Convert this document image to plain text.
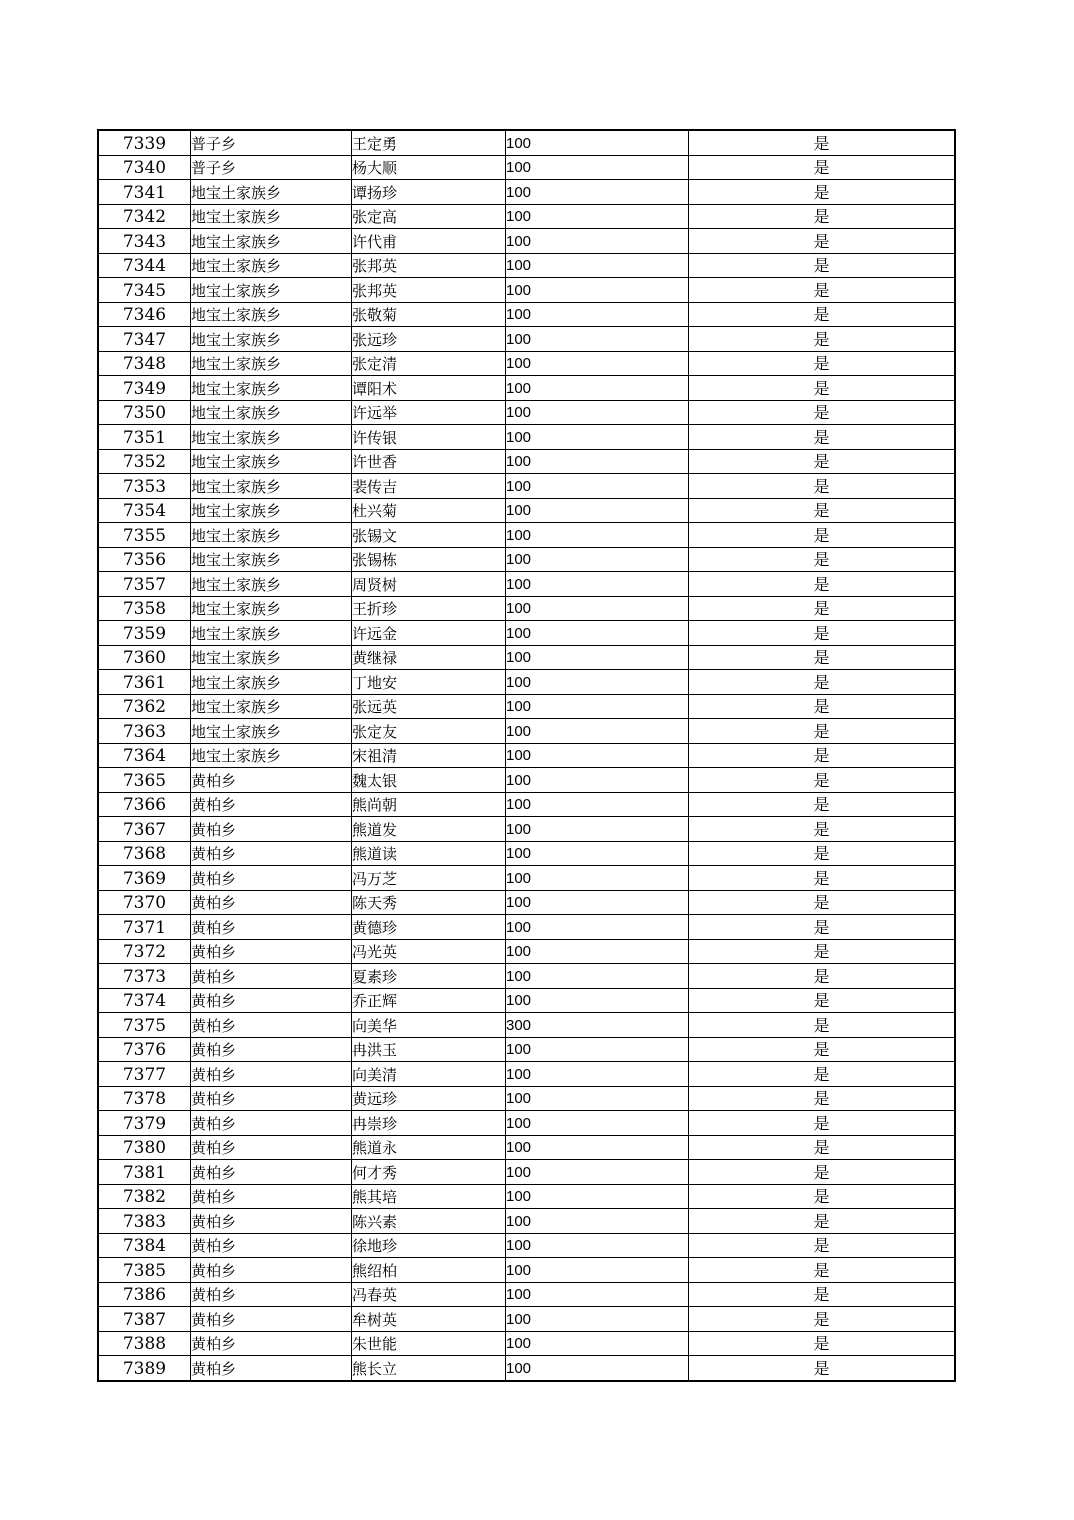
7339	普子乡	王定勇	100	是
7340	普子乡	杨大顺	100	是
7341	地宝土家族乡	谭扬珍	100	是
7342	地宝土家族乡	张定高	100	是
7343	地宝土家族乡	许代甫	100	是
7344	地宝土家族乡	张邦英	100	是
7345	地宝土家族乡	张邦英	100	是
7346	地宝土家族乡	张敬菊	100	是
7347	地宝土家族乡	张远珍	100	是
7348	地宝土家族乡	张定清	100	是
7349	地宝土家族乡	谭阳术	100	是
7350	地宝土家族乡	许远举	100	是
7351	地宝土家族乡	许传银	100	是
7352	地宝土家族乡	许世香	100	是
7353	地宝土家族乡	裴传吉	100	是
7354	地宝土家族乡	杜兴菊	100	是
7355	地宝土家族乡	张锡文	100	是
7356	地宝土家族乡	张锡栋	100	是
7357	地宝土家族乡	周贤树	100	是
7358	地宝土家族乡	王折珍	100	是
7359	地宝土家族乡	许远金	100	是
7360	地宝土家族乡	黄继禄	100	是
7361	地宝土家族乡	丁地安	100	是
7362	地宝土家族乡	张远英	100	是
7363	地宝土家族乡	张定友	100	是
7364	地宝土家族乡	宋祖清	100	是
7365	黄柏乡	魏太银	100	是
7366	黄柏乡	熊尚朝	100	是
7367	黄柏乡	熊道发	100	是
7368	黄柏乡	熊道读	100	是
7369	黄柏乡	冯万芝	100	是
7370	黄柏乡	陈天秀	100	是
7371	黄柏乡	黄德珍	100	是
7372	黄柏乡	冯光英	100	是
7373	黄柏乡	夏素珍	100	是
7374	黄柏乡	乔正辉	100	是
7375	黄柏乡	向美华	300	是
7376	黄柏乡	冉洪玉	100	是
7377	黄柏乡	向美清	100	是
7378	黄柏乡	黄远珍	100	是
7379	黄柏乡	冉崇珍	100	是
7380	黄柏乡	熊道永	100	是
7381	黄柏乡	何才秀	100	是
7382	黄柏乡	熊其培	100	是
7383	黄柏乡	陈兴素	100	是
7384	黄柏乡	徐地珍	100	是
7385	黄柏乡	熊绍柏	100	是
7386	黄柏乡	冯春英	100	是
7387	黄柏乡	牟树英	100	是
7388	黄柏乡	朱世能	100	是
7389	黄柏乡	熊长立	100	是
